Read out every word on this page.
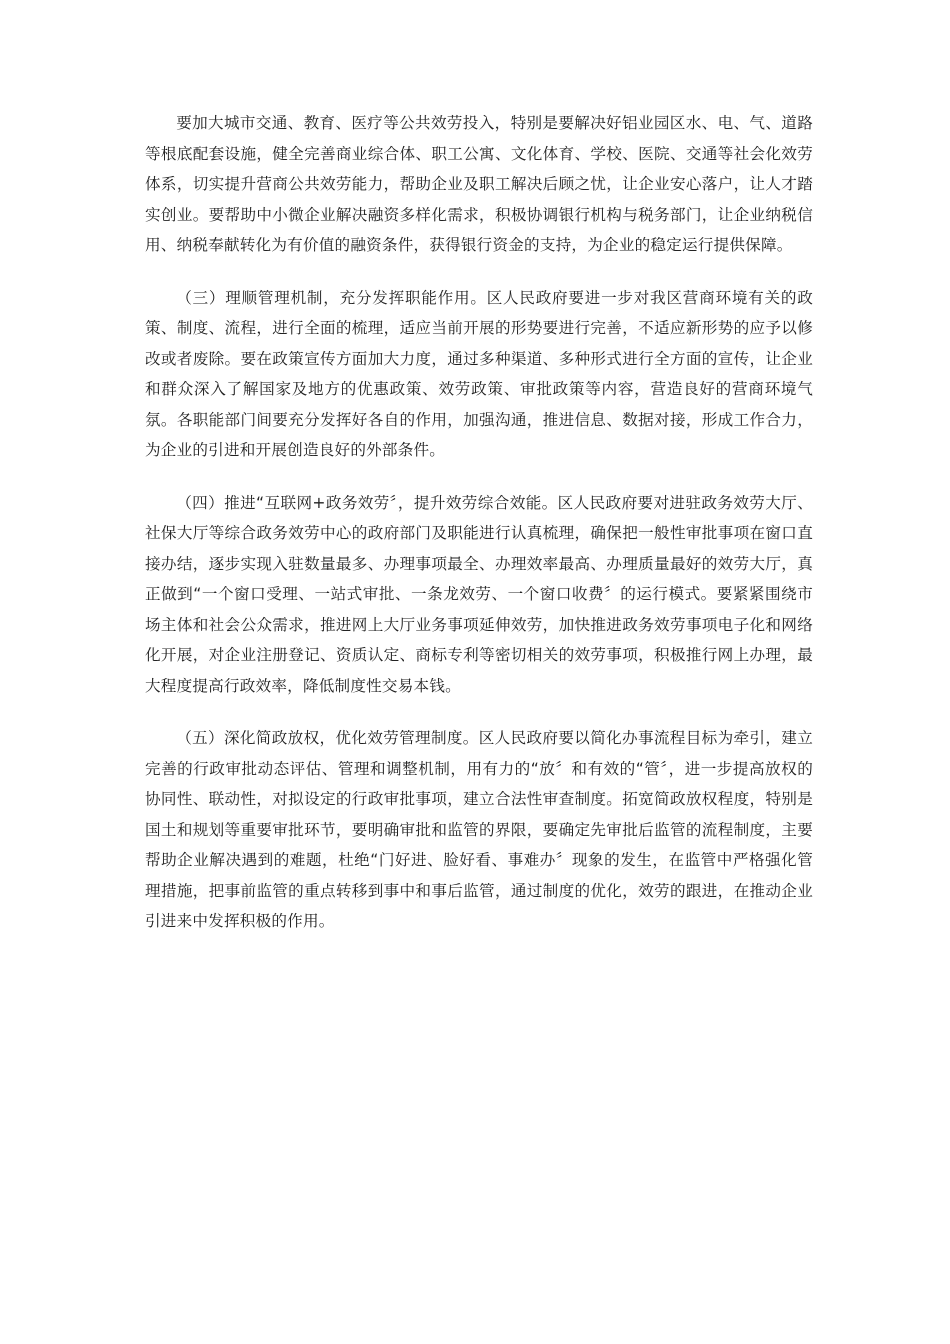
要加大城市交通、教育、医疗等公共效劳投入，特别是要解决好铝业园区水、电、气、道路等根底配套设施，健全完善商业综合体、职工公寓、文化体育、学校、医院、交通等社会化效劳体系，切实提升营商公共效劳能力，帮助企业及职工解决后顾之忧，让企业安心落户，让人才踏实创业。要帮助中小微企业解决融资多样化需求，积极协调银行机构与税务部门，让企业纳税信用、纳税奉献转化为有价值的融资条件，获得银行资金的支持，为企业的稳定运行提供保障。

（三）理顺管理机制，充分发挥职能作用。区人民政府要进一步对我区营商环境有关的政策、制度、流程，进行全面的梳理，适应当前开展的形势要进行完善，不适应新形势的应予以修改或者废除。要在政策宣传方面加大力度，通过多种渠道、多种形式进行全方面的宣传，让企业和群众深入了解国家及地方的优惠政策、效劳政策、审批政策等内容，营造良好的营商环境气氛。各职能部门间要充分发挥好各自的作用，加强沟通，推进信息、数据对接，形成工作合力，为企业的引进和开展创造良好的外部条件。

（四）推进“互联网+政务效劳〞，提升效劳综合效能。区人民政府要对进驻政务效劳大厅、社保大厅等综合政务效劳中心的政府部门及职能进行认真梳理，确保把一般性审批事项在窗口直接办结，逐步实现入驻数量最多、办理事项最全、办理效率最高、办理质量最好的效劳大厅，真正做到“一个窗口受理、一站式审批、一条龙效劳、一个窗口收费〞的运行模式。要紧紧围绕市场主体和社会公众需求，推进网上大厅业务事项延伸效劳，加快推进政务效劳事项电子化和网络化开展，对企业注册登记、资质认定、商标专利等密切相关的效劳事项，积极推行网上办理，最大程度提高行政效率，降低制度性交易本钱。

（五）深化简政放权，优化效劳管理制度。区人民政府要以简化办事流程目标为牵引，建立完善的行政审批动态评估、管理和调整机制，用有力的“放〞和有效的“管〞，进一步提高放权的协同性、联动性，对拟设定的行政审批事项，建立合法性审查制度。拓宽简政放权程度，特别是国土和规划等重要审批环节，要明确审批和监管的界限，要确定先审批后监管的流程制度，主要帮助企业解决遇到的难题，杜绝“门好进、脸好看、事难办〞现象的发生，在监管中严格强化管理措施，把事前监管的重点转移到事中和事后监管，通过制度的优化，效劳的跟进，在推动企业引进来中发挥积极的作用。
